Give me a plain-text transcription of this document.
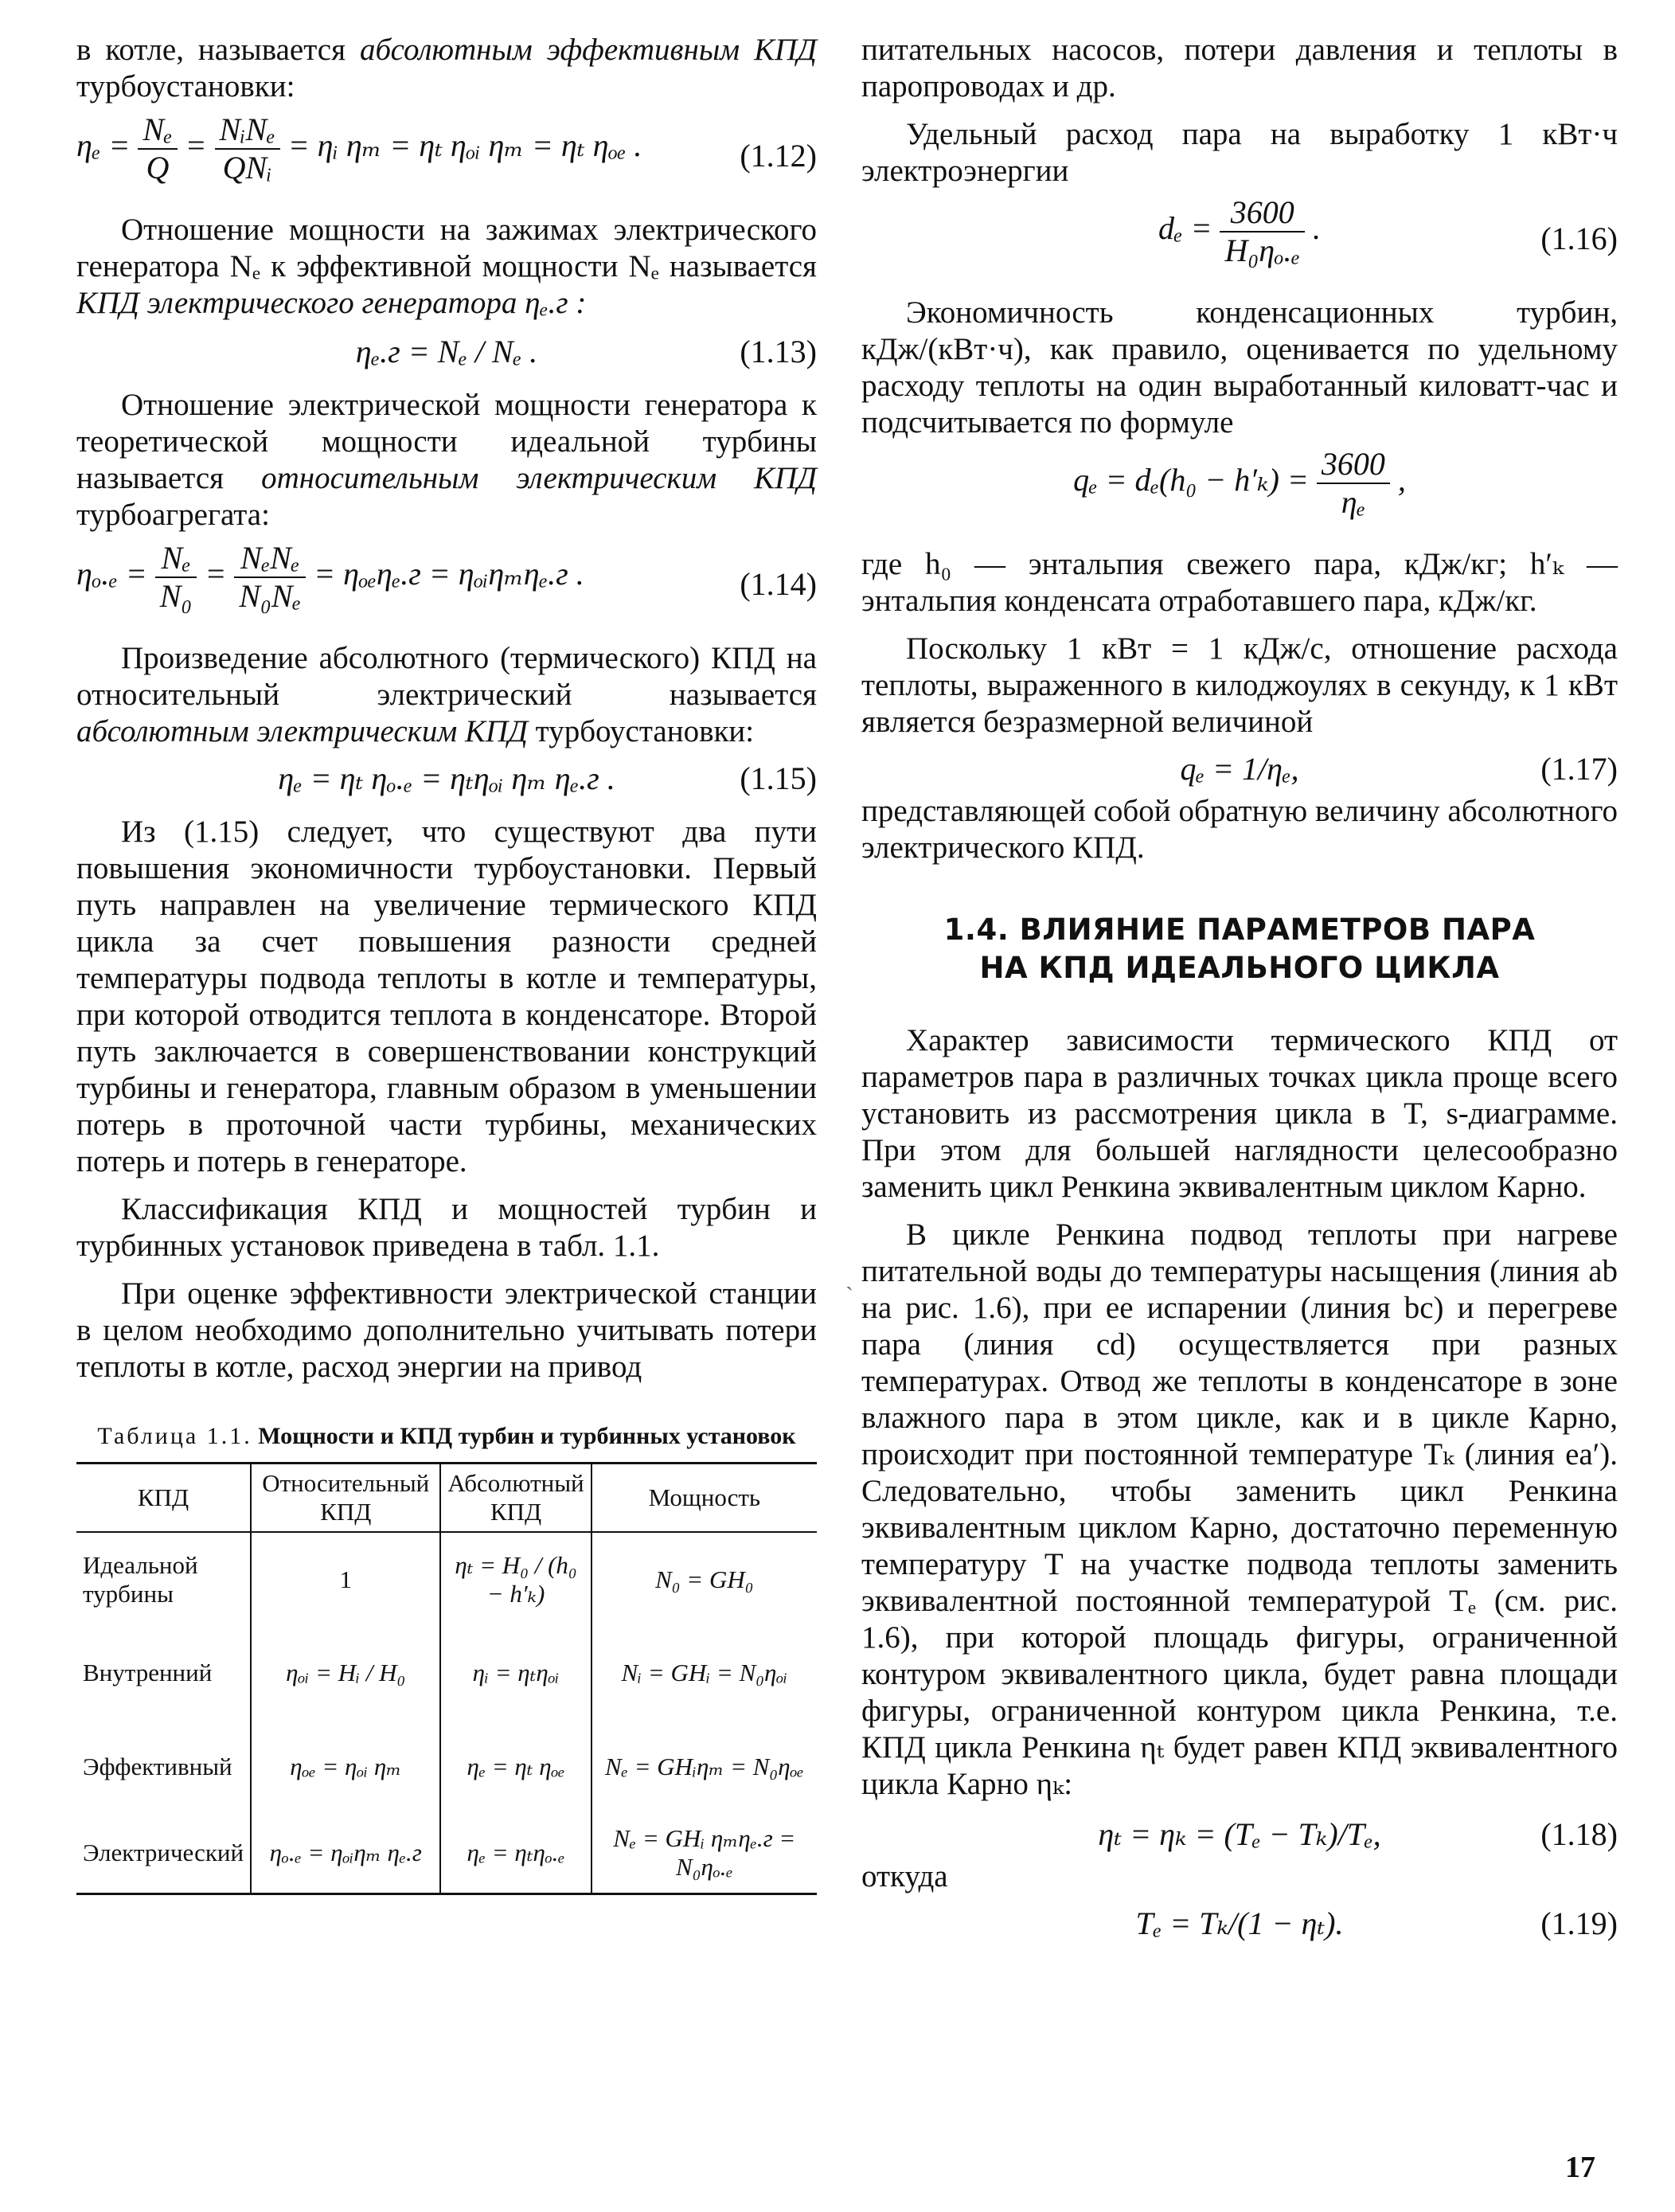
в котле, называется абсолютным эффективным КПД турбоустановки:

$\eta_e = \frac{\text{Nₑ}}{Q} = \frac{\text{NᵢNₑ}}{\text{QNᵢ}}$ = ηᵢ ηₘ = ηₜ ηₒᵢ ηₘ = ηₜ ηₒₑ .	(1.12)

Отношение мощности на зажимах электрического генератора Nₑ к эффективной мощности Nₑ называется КПД электрического генератора ηₑ.г :

ηₑ.г = Nₑ / Nₑ .	(1.13)

Отношение электрической мощности генератора к теоретической мощности идеальной турбины называется относительным электрическим КПД турбоагрегата:

$\eta_o._e = \frac{\text{Nₑ}}{\text{N₀}} = \frac{\text{NₑNₑ}}{\text{N₀Nₑ}} = \eta_{oe}\eta_e.г$ = ηₒᵢηₘηₑ.г .	(1.14)

Произведение абсолютного (термического) КПД на относительный электрический называется абсолютным электрическим КПД турбоустановки:

ηₑ = ηₜ ηₒ.ₑ = ηₜηₒᵢ ηₘ ηₑ.г .	(1.15)

Из (1.15) следует, что существуют два пути повышения экономичности турбоустановки. Первый путь направлен на увеличение термического КПД цикла за счет повышения разности средней температуры подвода теплоты в котле и температуры, при которой отводится теплота в конденсаторе. Второй путь заключается в совершенствовании конструкций турбины и генератора, главным образом в уменьшении потерь в проточной части турбины, механических потерь и потерь в генераторе.

Классификация КПД и мощностей турбин и турбинных установок приведена в табл. 1.1.

При оценке эффективности электрической станции в целом необходимо дополнительно учитывать потери теплоты в котле, расход энергии на привод

Таблица 1.1. Мощности и КПД турбин и турбинных установок
КПД	Относительный КПД	Абсолютный КПД	Мощность
Идеальной турбины	1	ηₜ = H₀ / (h₀ − h′ₖ)	N₀ = GH₀
Внутренний	ηₒᵢ = Hᵢ / H₀	ηᵢ = ηₜηₒᵢ	Nᵢ = GHᵢ = N₀ηₒᵢ
Эффективный	ηₒₑ = ηₒᵢ ηₘ	ηₑ = ηₜ ηₒₑ	Nₑ = GHᵢηₘ = N₀ηₒₑ
Электрический	ηₒ.ₑ = ηₒᵢηₘ ηₑ.г	ηₑ = ηₜηₒ.ₑ	Nₑ = GHᵢ ηₘηₑ.г = N₀ηₒ.ₑ
ˎ

питательных насосов, потери давления и теплоты в паропроводах и др.

Удельный расход пара на выработку 1 кВт·ч электроэнергии

$d_e = \frac{3600}{\text{H₀ηₒ.ₑ}}$ .	(1.16)

Экономичность конденсационных турбин, кДж/(кВт·ч), как правило, оценивается по удельному расходу теплоты на один выработанный киловатт-час и подсчитывается по формуле

$q_e = d_e(h_0 - h'_k) = \frac{3600}{\text{ηₑ}}$ ,

где h₀ — энтальпия свежего пара, кДж/кг; h′ₖ — энтальпия конденсата отработавшего пара, кДж/кг.

Поскольку 1 кВт = 1 кДж/с, отношение расхода теплоты, выраженного в килоджоулях в секунду, к 1 кВт является безразмерной величиной

qₑ = 1/ηₑ,	(1.17)

представляющей собой обратную величину абсолютного электрического КПД.

1.4. ВЛИЯНИЕ ПАРАМЕТРОВ ПАРА
НА КПД ИДЕАЛЬНОГО ЦИКЛА

Характер зависимости термического КПД от параметров пара в различных точках цикла проще всего установить из рассмотрения цикла в T, s-диаграмме. При этом для большей наглядности целесообразно заменить цикл Ренкина эквивалентным циклом Карно.

В цикле Ренкина подвод теплоты при нагреве питательной воды до температуры насыщения (линия ab на рис. 1.6), при ее испарении (линия bc) и перегреве пара (линия cd) осуществляется при разных температурах. Отвод же теплоты в конденсаторе в зоне влажного пара в этом цикле, как и в цикле Карно, происходит при постоянной температуре Tₖ (линия ea′). Следовательно, чтобы заменить цикл Ренкина эквивалентным циклом Карно, достаточно переменную температуру T на участке подвода теплоты заменить эквивалентной постоянной температурой Tₑ (см. рис. 1.6), при которой площадь фигуры, ограниченной контуром эквивалентного цикла, будет равна площади фигуры, ограниченной контуром цикла Ренкина, т.е. КПД цикла Ренкина ηₜ будет равен КПД эквивалентного цикла Карно ηₖ:

ηₜ = ηₖ = (Tₑ − Tₖ)/Tₑ,	(1.18)

откуда

Tₑ = Tₖ/(1 − ηₜ).	(1.19)
17
